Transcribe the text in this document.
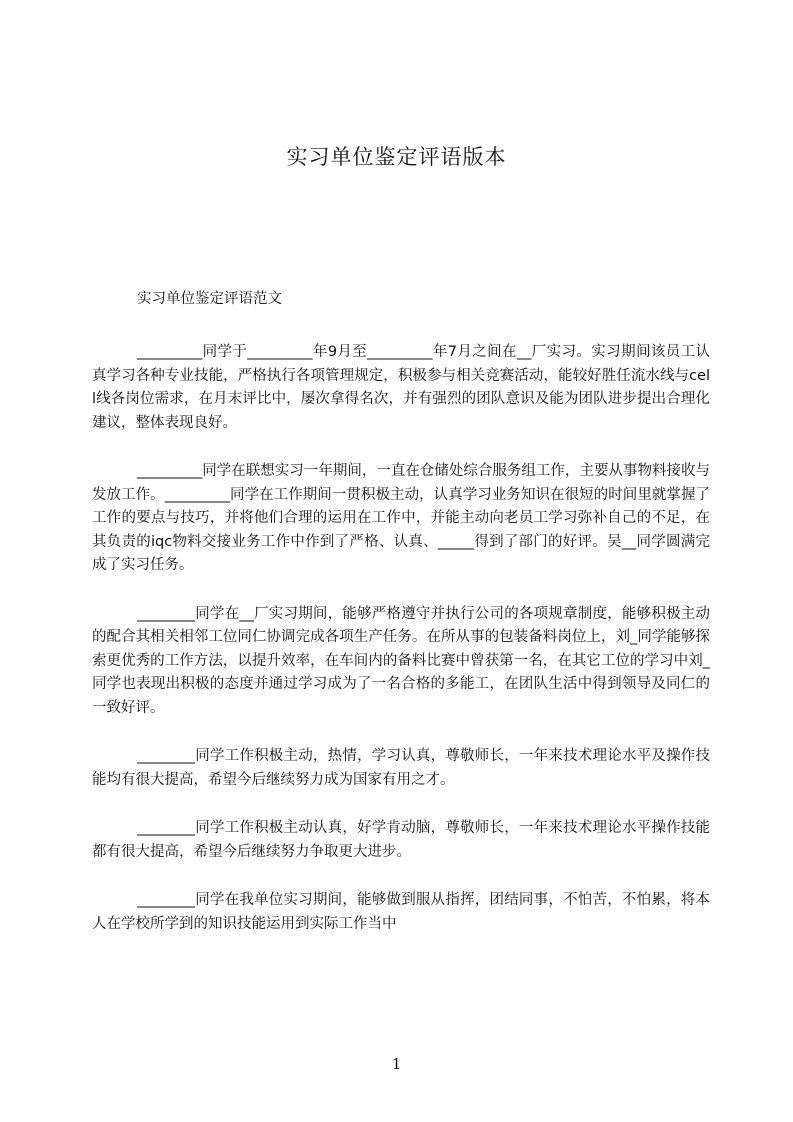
实习单位鉴定评语版本

实习单位鉴定评语范文

_________同学于_________年9月至_________年7月之间在__厂实习。实习期间该员工认真学习各种专业技能，严格执行各项管理规定，积极参与相关竞赛活动，能较好胜任流水线与cell线各岗位需求，在月末评比中，屡次拿得名次，并有强烈的团队意识及能为团队进步提出合理化建议，整体表现良好。

_________同学在联想实习一年期间，一直在仓储处综合服务组工作，主要从事物料接收与发放工作。_________同学在工作期间一贯积极主动，认真学习业务知识在很短的时间里就掌握了工作的要点与技巧，并将他们合理的运用在工作中，并能主动向老员工学习弥补自己的不足，在其负责的iqc物料交接业务工作中作到了严格、认真、_____得到了部门的好评。吴__同学圆满完成了实习任务。

________同学在__厂实习期间，能够严格遵守并执行公司的各项规章制度，能够积极主动的配合其相关相邻工位同仁协调完成各项生产任务。在所从事的包装备料岗位上，刘_同学能够探索更优秀的工作方法，以提升效率，在车间内的备料比赛中曾获第一名，在其它工位的学习中刘_同学也表现出积极的态度并通过学习成为了一名合格的多能工，在团队生活中得到领导及同仁的一致好评。

________同学工作积极主动，热情，学习认真，尊敬师长，一年来技术理论水平及操作技能均有很大提高，希望今后继续努力成为国家有用之才。

________同学工作积极主动认真，好学肯动脑，尊敬师长，一年来技术理论水平操作技能都有很大提高，希望今后继续努力争取更大进步。

________同学在我单位实习期间，能够做到服从指挥，团结同事，不怕苦，不怕累，将本人在学校所学到的知识技能运用到实际工作当中

1
